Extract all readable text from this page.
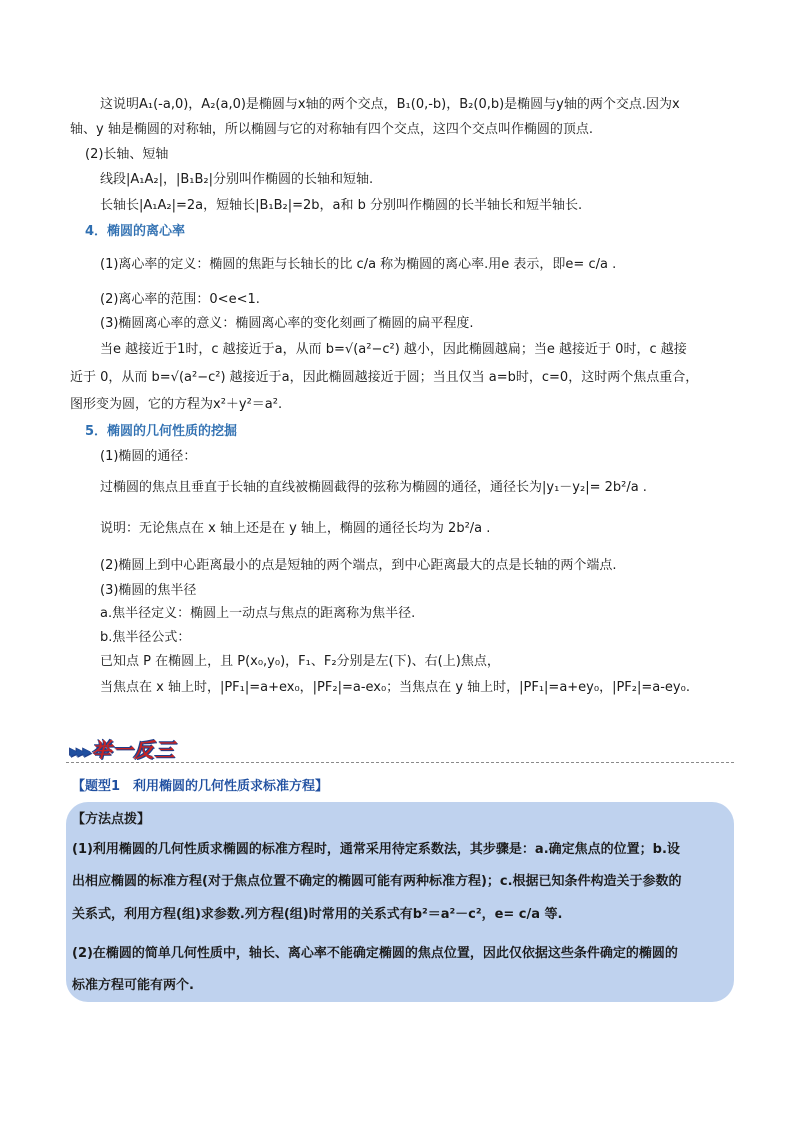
这说明A₁(-a,0)，A₂(a,0)是椭圆与x轴的两个交点，B₁(0,-b)，B₂(0,b)是椭圆与y轴的两个交点.因为x
轴、y 轴是椭圆的对称轴，所以椭圆与它的对称轴有四个交点，这四个交点叫作椭圆的顶点.
(2)长轴、短轴
线段|A₁A₂|，|B₁B₂|分别叫作椭圆的长轴和短轴.
长轴长|A₁A₂|=2a，短轴长|B₁B₂|=2b，a和 b 分别叫作椭圆的长半轴长和短半轴长.
4．椭圆的离心率
(1)离心率的定义：椭圆的焦距与长轴长的比 c/a 称为椭圆的离心率.用e 表示，即e= c/a .
(2)离心率的范围：0<e<1.
(3)椭圆离心率的意义：椭圆离心率的变化刻画了椭圆的扁平程度.
当e 越接近于1时，c 越接近于a，从而 b=√(a²−c²) 越小，因此椭圆越扁；当e 越接近于 0时，c 越接
近于 0，从而 b=√(a²−c²) 越接近于a，因此椭圆越接近于圆；当且仅当 a=b时，c=0，这时两个焦点重合，
图形变为圆，它的方程为x²＋y²＝a².
5．椭圆的几何性质的挖掘
(1)椭圆的通径：
过椭圆的焦点且垂直于长轴的直线被椭圆截得的弦称为椭圆的通径，通径长为|y₁－y₂|= 2b²/a .
说明：无论焦点在 x 轴上还是在 y 轴上，椭圆的通径长均为 2b²/a .
(2)椭圆上到中心距离最小的点是短轴的两个端点，到中心距离最大的点是长轴的两个端点.
(3)椭圆的焦半径
a.焦半径定义：椭圆上一动点与焦点的距离称为焦半径.
b.焦半径公式：
已知点 P 在椭圆上，且 P(x₀,y₀)，F₁、F₂分别是左(下)、右(上)焦点，
当焦点在 x 轴上时，|PF₁|=a+ex₀，|PF₂|=a-ex₀；当焦点在 y 轴上时，|PF₁|=a+ey₀，|PF₂|=a-ey₀.
▸▸▸ 举一反三
【题型1　利用椭圆的几何性质求标准方程】
【方法点拨】
(1)利用椭圆的几何性质求椭圆的标准方程时，通常采用待定系数法，其步骤是：a.确定焦点的位置；b.设
出相应椭圆的标准方程(对于焦点位置不确定的椭圆可能有两种标准方程)；c.根据已知条件构造关于参数的
关系式，利用方程(组)求参数.列方程(组)时常用的关系式有b²＝a²－c²，e= c/a 等.
(2)在椭圆的简单几何性质中，轴长、离心率不能确定椭圆的焦点位置，因此仅依据这些条件确定的椭圆的
标准方程可能有两个.
